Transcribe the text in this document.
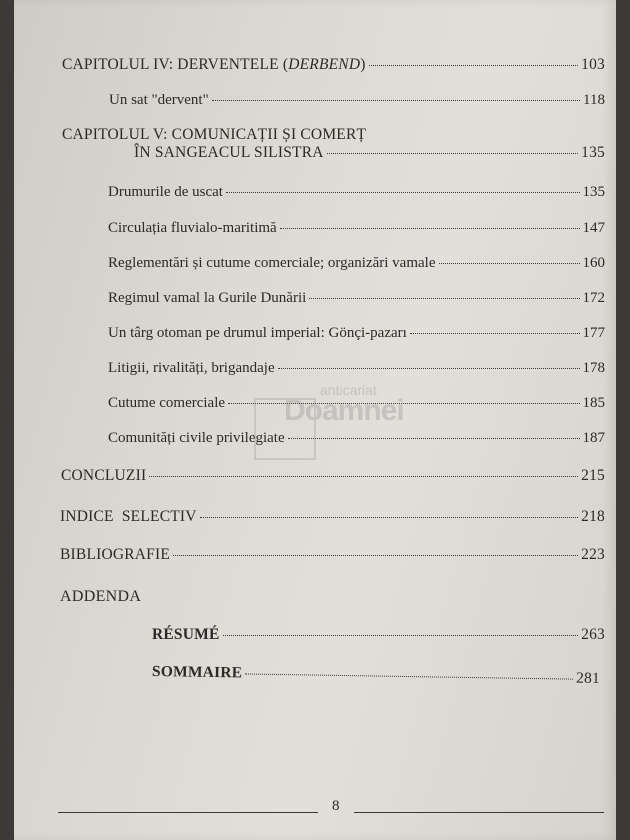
CAPITOLUL IV: DERVENTELE (DERBEND)	103
Un sat "dervent"	118
CAPITOLUL V: COMUNICAȚII ȘI COMERȚ
ÎN SANGEACUL SILISTRA	135
Drumurile de uscat	135
Circulația fluvialo-maritimă	147
Reglementări și cutume comerciale; organizări vamale	160
Regimul vamal la Gurile Dunării	172
Un târg otoman pe drumul imperial: Gönçi-pazarı	177
Litigii, rivalități, brigandaje	178
Cutume comerciale	185
Comunități civile privilegiate	187
CONCLUZII	215
INDICE  SELECTIV	218
BIBLIOGRAFIE	223
ADDENDA
RÉSUMÉ	263
SOMMAIRE	281
anticariat
Doamnei
8
